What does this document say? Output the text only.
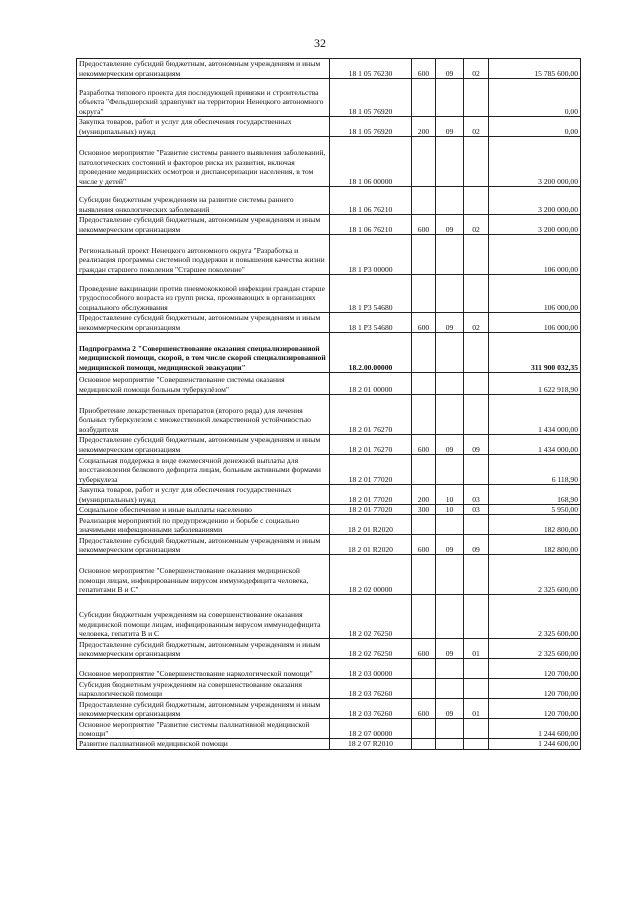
32
Предоставление субсидий бюджетным, автономным учреждениям и иным некоммерческим организациям	18 1 05 76230	600	09	02	15 785 600,00
Разработка типового проекта для последующей привязки и строительства объекта "Фельдшерский здравпункт на территории Ненецкого автономного округа"	18 1 05 76920				0,00
Закупка товаров, работ и услуг для обеспечения государственных (муниципальных) нужд	18 1 05 76920	200	09	02	0,00
Основное мероприятие "Развитие системы раннего выявления заболеваний, патологических состояний и факторов риска их развития, включая проведение медицинских осмотров и диспансеризации населения, в том числе у детей"	18 1 06 00000				3 200 000,00
Субсидии бюджетным учреждениям на развитие системы раннего выявления онкологических заболеваний	18 1 06 76210				3 200 000,00
Предоставление субсидий бюджетным, автономным учреждениям и иным некоммерческим организациям	18 1 06 76210	600	09	02	3 200 000,00
Региональный проект Ненецкого автономного округа "Разработка и реализация программы системной поддержки и повышения качества жизни граждан старшего поколения "Старшее поколение"	18 1 P3 00000				106 000,00
Проведение вакцинации против пневмококковой инфекции граждан старше трудоспособного возраста из групп риска, проживающих в организациях социального обслуживания	18 1 P3 54680				106 000,00
Предоставление субсидий бюджетным, автономным учреждениям и иным некоммерческим организациям	18 1 P3 54680	600	09	02	106 000,00
Подпрограмма 2 "Совершенствование оказания специализированной медицинской помощи, скорой, в том числе скорой специализированной медицинской помощи, медицинской эвакуации"	18.2.00.00000				311 900 032,35
Основное мероприятие "Совершенствование системы оказания медицинской помощи больным туберкулёзом"	18 2 01 00000				1 622 918,90
Приобретение лекарственных препаратов (второго ряда) для лечения больных туберкулезом с множественной лекарственной устойчивостью возбудителя	18 2 01 76270				1 434 000,00
Предоставление субсидий бюджетным, автономным учреждениям и иным некоммерческим организациям	18 2 01 76270	600	09	09	1 434 000,00
Социальная поддержка в виде ежемесячной денежной выплаты для восстановления белкового дефицита лицам, больным активными формами туберкулеза	18 2 01 77020				6 118,90
Закупка товаров, работ и услуг для обеспечения государственных (муниципальных) нужд	18 2 01 77020	200	10	03	168,90
Социальное обеспечение и иные выплаты населению	18 2 01 77020	300	10	03	5 950,00
Реализация мероприятий по предупреждению и борьбе с социально значимыми инфекционными заболеваниями	18 2 01 R2020				182 800,00
Предоставление субсидий бюджетным, автономным учреждениям и иным некоммерческим организациям	18 2 01 R2020	600	09	09	182 800,00
Основное мероприятие "Совершенствование оказания медицинской помощи лицам, инфицированным вирусом иммунодефицита человека, гепатитами В и С"	18 2 02 00000				2 325 600,00
Субсидии бюджетным учреждениям на совершенствование оказания медицинской помощи лицам, инфицированным вирусом иммунодефицита человека, гепатита В и С	18 2 02 76250				2 325 600,00
Предоставление субсидий бюджетным, автономным учреждениям и иным некоммерческим организациям	18 2 02 76250	600	09	01	2 325 600,00
Основное мероприятие "Совершенствование наркологической помощи"	18 2 03 00000				120 700,00
Субсидия бюджетным учреждениям на совершенствование оказания наркологической помощи	18 2 03 76260				120 700,00
Предоставление субсидий бюджетным, автономным учреждениям и иным некоммерческим организациям	18 2 03 76260	600	09	01	120 700,00
Основное мероприятие "Развитие системы паллиативной медицинской помощи"	18 2 07 00000				1 244 600,00
Развитие паллиативной медицинской помощи	18 2 07 R2010				1 244 600,00
